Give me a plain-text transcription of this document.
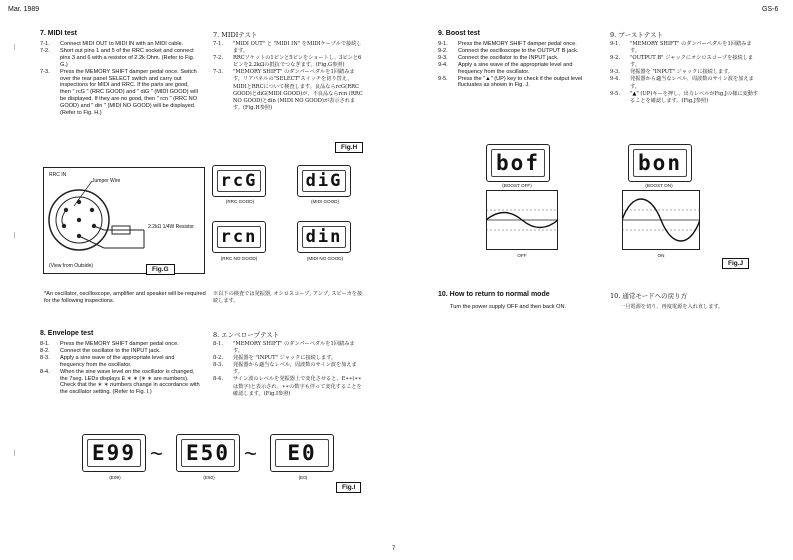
Mar. 1989	GS-6
7. MIDI test
7-1.	Connect MIDI OUT to MIDI IN with an MIDI cable.
7-2.	Short out pins 1 and 5 of the RRC socket and connect pins 3 and 6 with a resistor of 2.2k Ohm. (Refer to Fig. G.)
7-3.	Press the MEMORY SHIFT damper pedal once. Switch over the rear panel SELECT switch and carry out inspections for MIDI and RRC. If the parts are good, then " rcG " (RRC GOOD) and " diG " (MIDI GOOD) will be displayed. If they are no good, then " rcn " (RRC NO GOOD) and " din " (MIDI NO GOOD) will be displayed. (Refer to Fig. H.)
7. MIDIテスト
7-1.	"MIDI OUT" と "MIDI IN" をMIDIケーブルで接続します。
7-2.	RRCソケットの1ピンと5ピンをショートし、3ピンと6ピンを2.2kΩの抵抗でつなぎます。(Fig.G参照)
7-3.	"MEMORY SHIFT" のダンパーペダルを1回踏みます。リアパネルの"SELECT"スイッチを切り替え、MIDIとRRCについて検査します。良品ならrcG(RRC GOOD)とdiG(MIDI GOOD)が、不良品ならrcn (RRC NO GOOD)とdin (MIDI NO GOOD)が表示されます。(Fig.H参照)
Fig.H
RRC IN
Jumper Wire
2.2kΩ 1/4W Resistor
(View from Outside)	Fig.G
rcG
(RRC GOOD)
diG
(MIDI GOOD)
rcn
(RRC NO GOOD)
din
(MIDI NO GOOD)
*An oscillator, oscilloscope, amplifier and speaker will be required for the following inspections.
※以下の検査では発振器, オシロスコープ, アンプ, スピーカを接続します。
8. Envelope test
8-1.	Press the MEMORY SHIFT damper pedal once.
8-2.	Connect the oscillator to the INPUT jack.
8-3.	Apply a sine wave of the appropriate level and frequency from the oscillator.
8-4.	When the sine wave level on the oscillator is changed, the 7seg. LEDs displays E ∗ ∗ (∗ ∗ are numbers). Check that the ∗ ∗ numbers change in accordance with the oscillator setting. (Refer to Fig. I.)
8. エンベロープテスト
8-1.	"MEMORY SHIFT" のダンパーペダルを1回踏みます。
8-2.	発振器を "INPUT" ジャックに接続します。
8-3.	発振器から適当なレベル、周波数のサイン波を加えます。
8-4.	サイン波のレベルを発振器上で変化させると、E∗∗(∗∗は数字)と表示され、∗∗の数字も伴って変化することを確認します。(Fig.I参照)
E99
(E99)
~ E50
(E50)
~	E0
(E0)
Fig.I
7
9. Boost test
9-1.	Press the MEMORY SHIFT damper pedal once.
9-2.	Connect the oscilloscope to the OUTPUT B jack.
9-3.	Connect the oscillator to the INPUT jack.
9-4.	Apply a sine wave of the appropriate level and frequency from the oscillator.
9-5.	Press the "▲" (UP) key to check if the output level fluctuates as shown in Fig. J.
9. ブーストテスト
9-1.	"MEMORY SHIFT" のダンパーペダルを1回踏みます。
9-2.	"OUTPUT B" ジャックにオシロスコープを接続します。
9-3.	発振器を "INPUT" ジャックに接続します。
9-4.	発振器から適当なレベル、周波数のサイン波を加えます。
9-5.	"▲" (UP)キーを押し、出力レベルがFig.Jの様に変動することを確認します。(Fig.J参照)
bof
(BOOST OFF)
bon
(BOOST ON)
OFF	ON
Fig.J
10. How to return to normal mode
Turn the power supply OFF and then back ON.
10. 通常モードへの戻り方
一旦電源を切り、再度電源を入れ直します。
